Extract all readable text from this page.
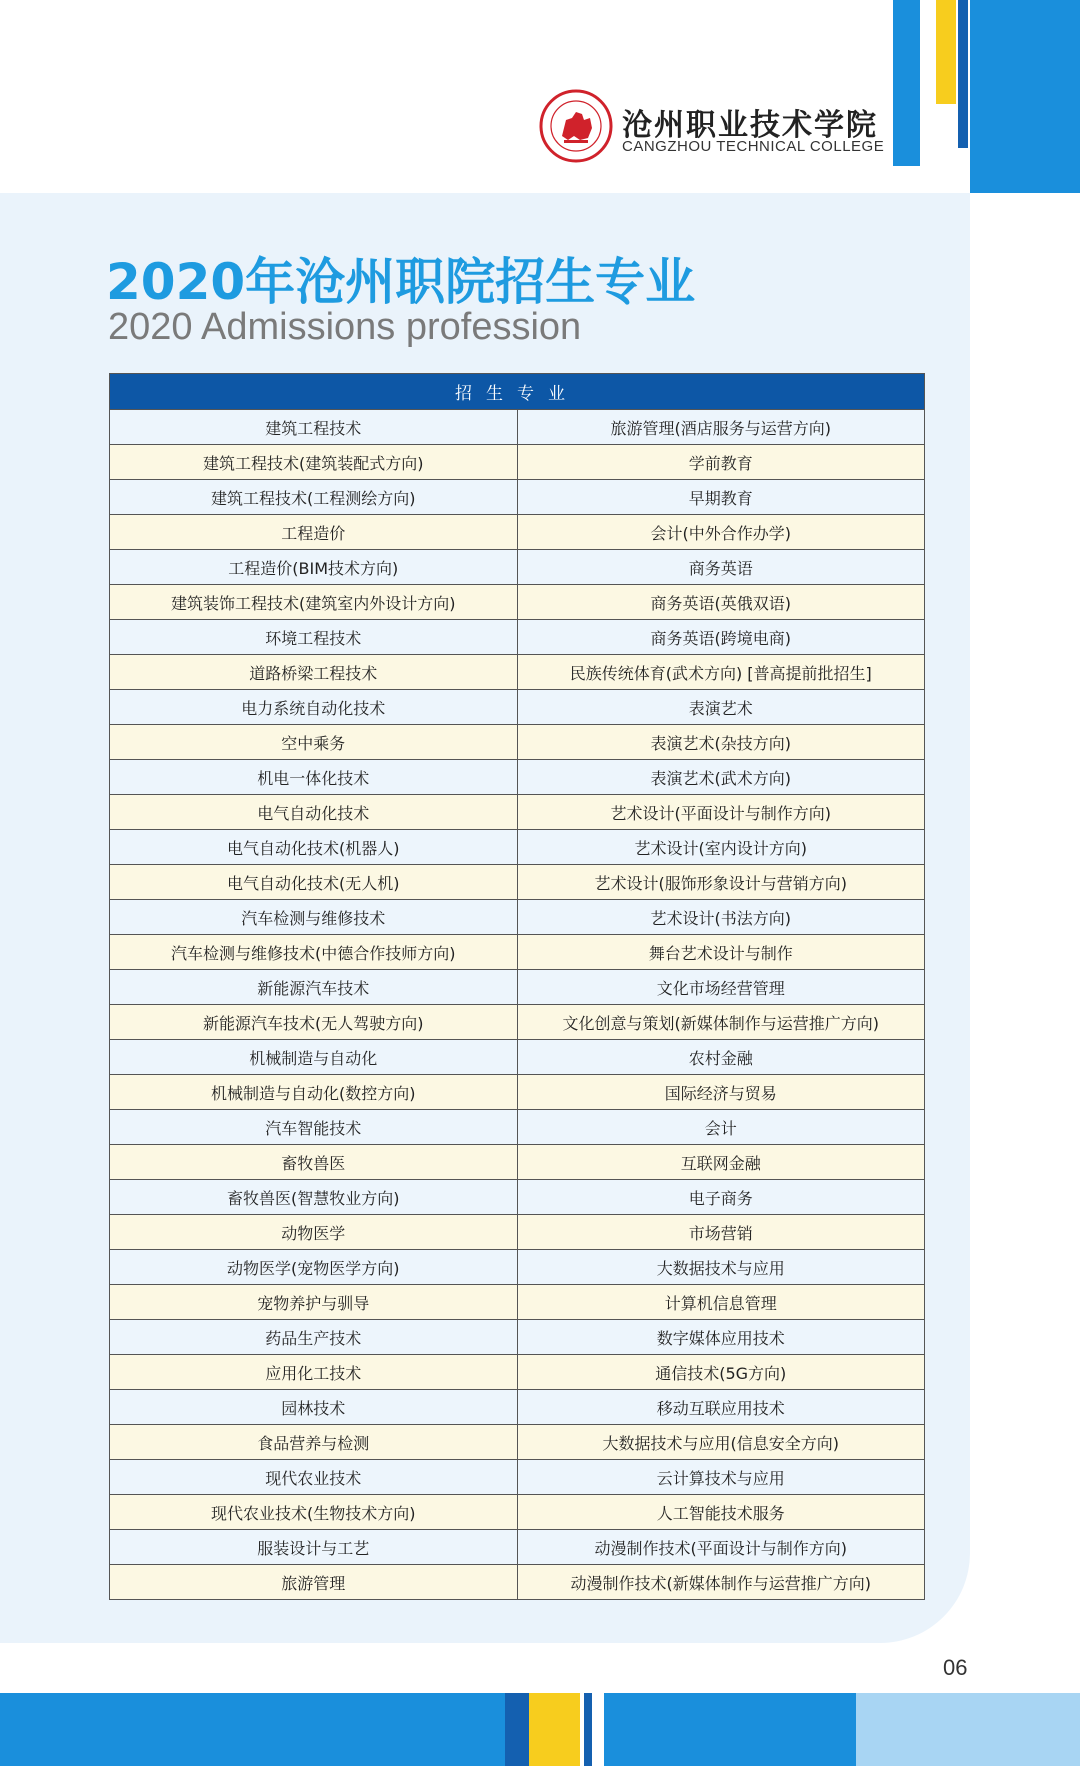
沧州职业技术学院
CANGZHOU TECHNICAL COLLEGE
2020年沧州职院招生专业
2020 Admissions profession
招生专业	
建筑工程技术	旅游管理(酒店服务与运营方向)
建筑工程技术(建筑装配式方向)	学前教育
建筑工程技术(工程测绘方向)	早期教育
工程造价	会计(中外合作办学)
工程造价(BIM技术方向)	商务英语
建筑装饰工程技术(建筑室内外设计方向)	商务英语(英俄双语)
环境工程技术	商务英语(跨境电商)
道路桥梁工程技术	民族传统体育(武术方向) [普高提前批招生]
电力系统自动化技术	表演艺术
空中乘务	表演艺术(杂技方向)
机电一体化技术	表演艺术(武术方向)
电气自动化技术	艺术设计(平面设计与制作方向)
电气自动化技术(机器人)	艺术设计(室内设计方向)
电气自动化技术(无人机)	艺术设计(服饰形象设计与营销方向)
汽车检测与维修技术	艺术设计(书法方向)
汽车检测与维修技术(中德合作技师方向)	舞台艺术设计与制作
新能源汽车技术	文化市场经营管理
新能源汽车技术(无人驾驶方向)	文化创意与策划(新媒体制作与运营推广方向)
机械制造与自动化	农村金融
机械制造与自动化(数控方向)	国际经济与贸易
汽车智能技术	会计
畜牧兽医	互联网金融
畜牧兽医(智慧牧业方向)	电子商务
动物医学	市场营销
动物医学(宠物医学方向)	大数据技术与应用
宠物养护与驯导	计算机信息管理
药品生产技术	数字媒体应用技术
应用化工技术	通信技术(5G方向)
园林技术	移动互联应用技术
食品营养与检测	大数据技术与应用(信息安全方向)
现代农业技术	云计算技术与应用
现代农业技术(生物技术方向)	人工智能技术服务
服装设计与工艺	动漫制作技术(平面设计与制作方向)
旅游管理	动漫制作技术(新媒体制作与运营推广方向)
06
